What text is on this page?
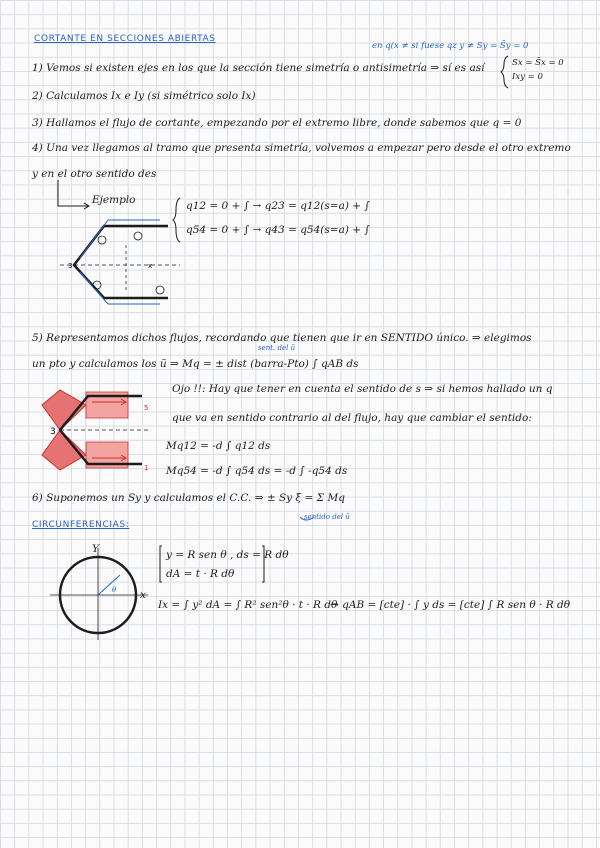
CORTANTE EN SECCIONES ABIERTAS
en q(x ≠ si fuese qz y ≠ Sy = S̄y = 0
Sx = S̄x = 0
Ixy = 0
1) Vemos si existen ejes en los que la sección tiene simetría o antisimetría ⇒ sí es así
2) Calculamos Ix e Iy (si simétrico solo Ix)
3) Hallamos el flujo de cortante, empezando por el extremo libre, donde sabemos que q = 0
4) Una vez llegamos al tramo que presenta simetría, volvemos a empezar pero desde el otro extremo
y en el otro sentido des
Ejemplo	q12 = 0 + ∫ → q23 = q12(s=a) + ∫
q54 = 0 + ∫ → q43 = q54(s=a) + ∫
5) Representamos dichos flujos, recordando que tienen que ir en SENTIDO único. ⇒ elegimos
un pto y calculamos los ũ ⇒ Mq = ± dist (barra-Pto) ∫ qAB ds
sent. del ũ
Ojo !!: Hay que tener en cuenta el sentido de s ⇒ si hemos hallado un q
que va en sentido contrario al del flujo, hay que cambiar el sentido:
Mq12 = -d ∫ q12 ds
Mq54 = -d ∫ q54 ds = -d ∫ -q54 ds
6) Suponemos un Sy y calculamos el C.C. ⇒ ± Sy ξ = Σ Mq
sentido del ũ
CIRCUNFERENCIAS:
y = R sen θ , ds = R dθ
dA = t · R dθ
Ix = ∫ y² dA = ∫ R² sen²θ · t · R dθ
→ qAB = [cte] · ∫ y ds = [cte] ∫ R sen θ · R dθ
Y
x
θ
3	x
3
5
1
